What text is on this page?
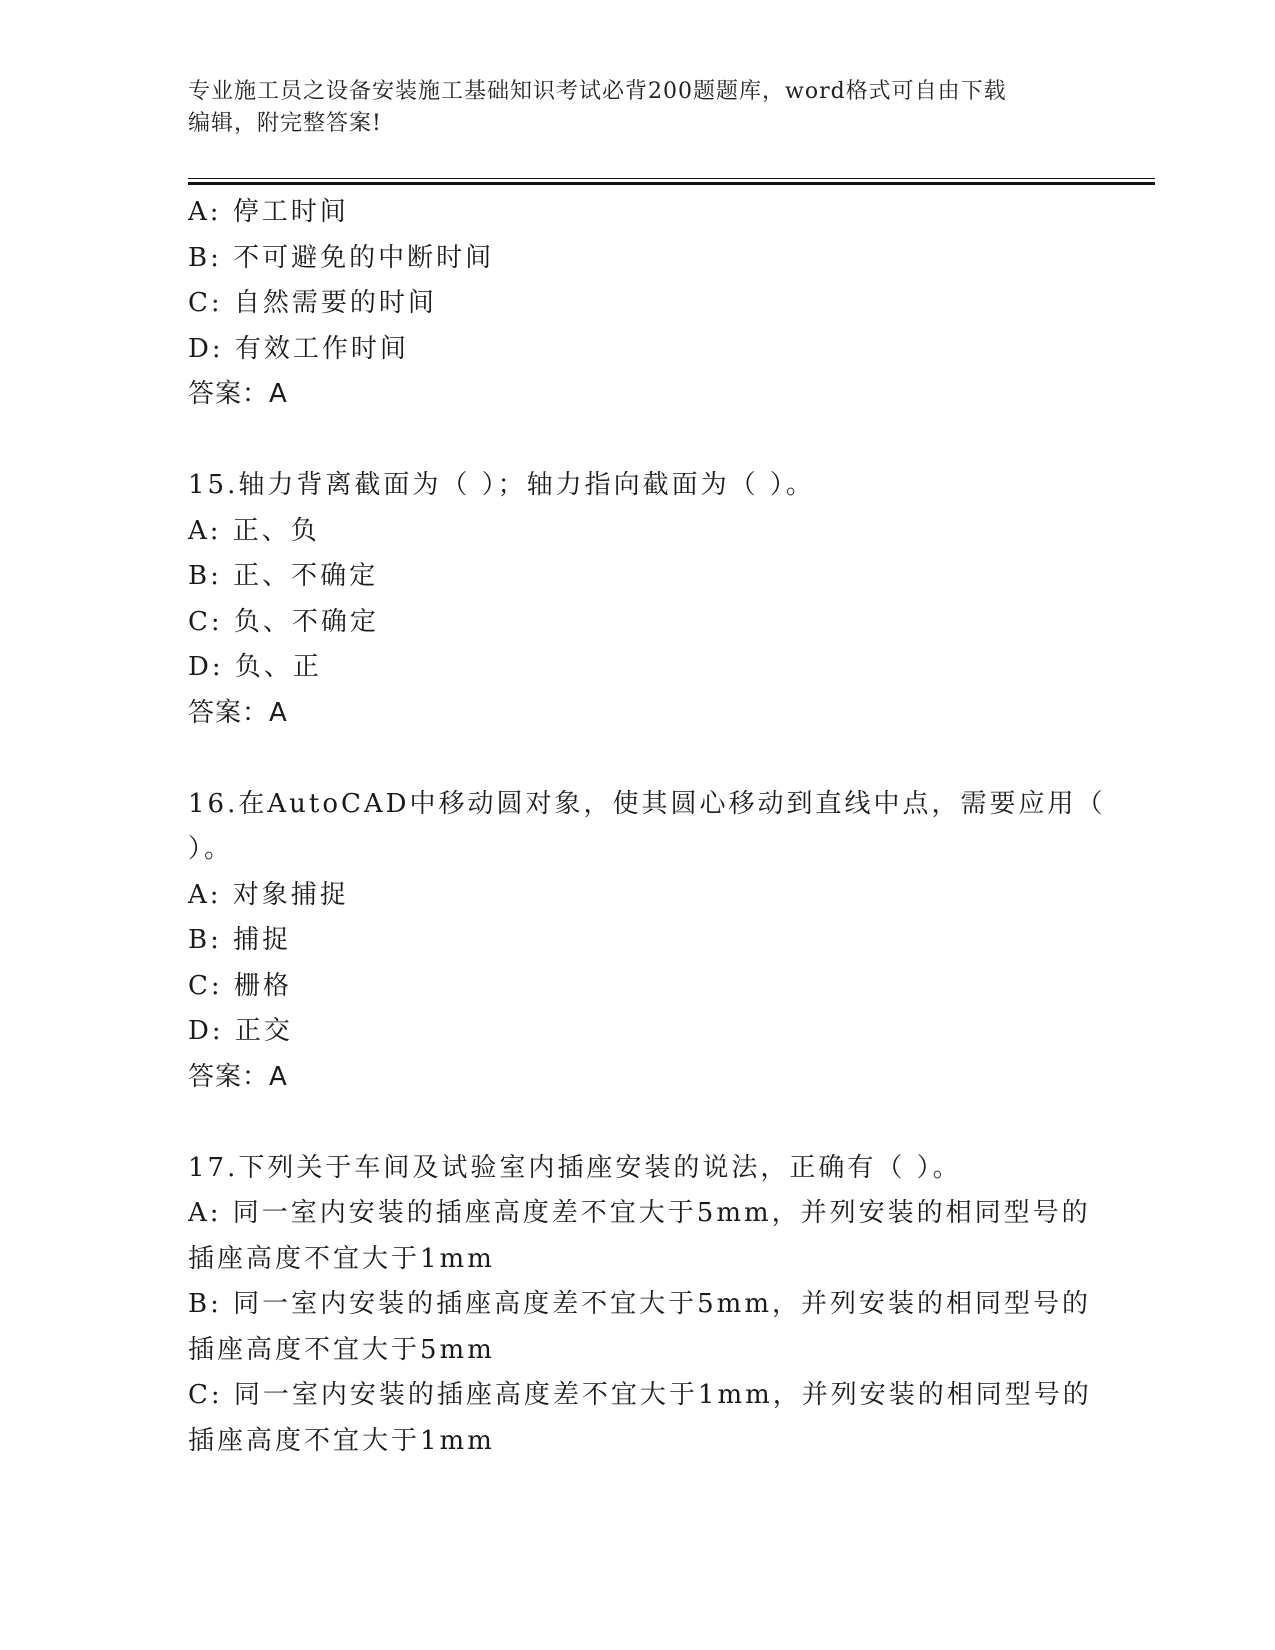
专业施工员之设备安装施工基础知识考试必背200题题库，word格式可自由下载
编辑，附完整答案!
A: 停工时间
B: 不可避免的中断时间
C: 自然需要的时间
D: 有效工作时间
答案：A
15.轴力背离截面为（ ）；轴力指向截面为（ ）。
A: 正、负
B: 正、不确定
C: 负、不确定
D: 负、正
答案：A
16.在AutoCAD中移动圆对象，使其圆心移动到直线中点，需要应用（
）。
A: 对象捕捉
B: 捕捉
C: 栅格
D: 正交
答案：A
17.下列关于车间及试验室内插座安装的说法，正确有（ ）。
A: 同一室内安装的插座高度差不宜大于5mm，并列安装的相同型号的
插座高度不宜大于1mm
B: 同一室内安装的插座高度差不宜大于5mm，并列安装的相同型号的
插座高度不宜大于5mm
C: 同一室内安装的插座高度差不宜大于1mm，并列安装的相同型号的
插座高度不宜大于1mm
